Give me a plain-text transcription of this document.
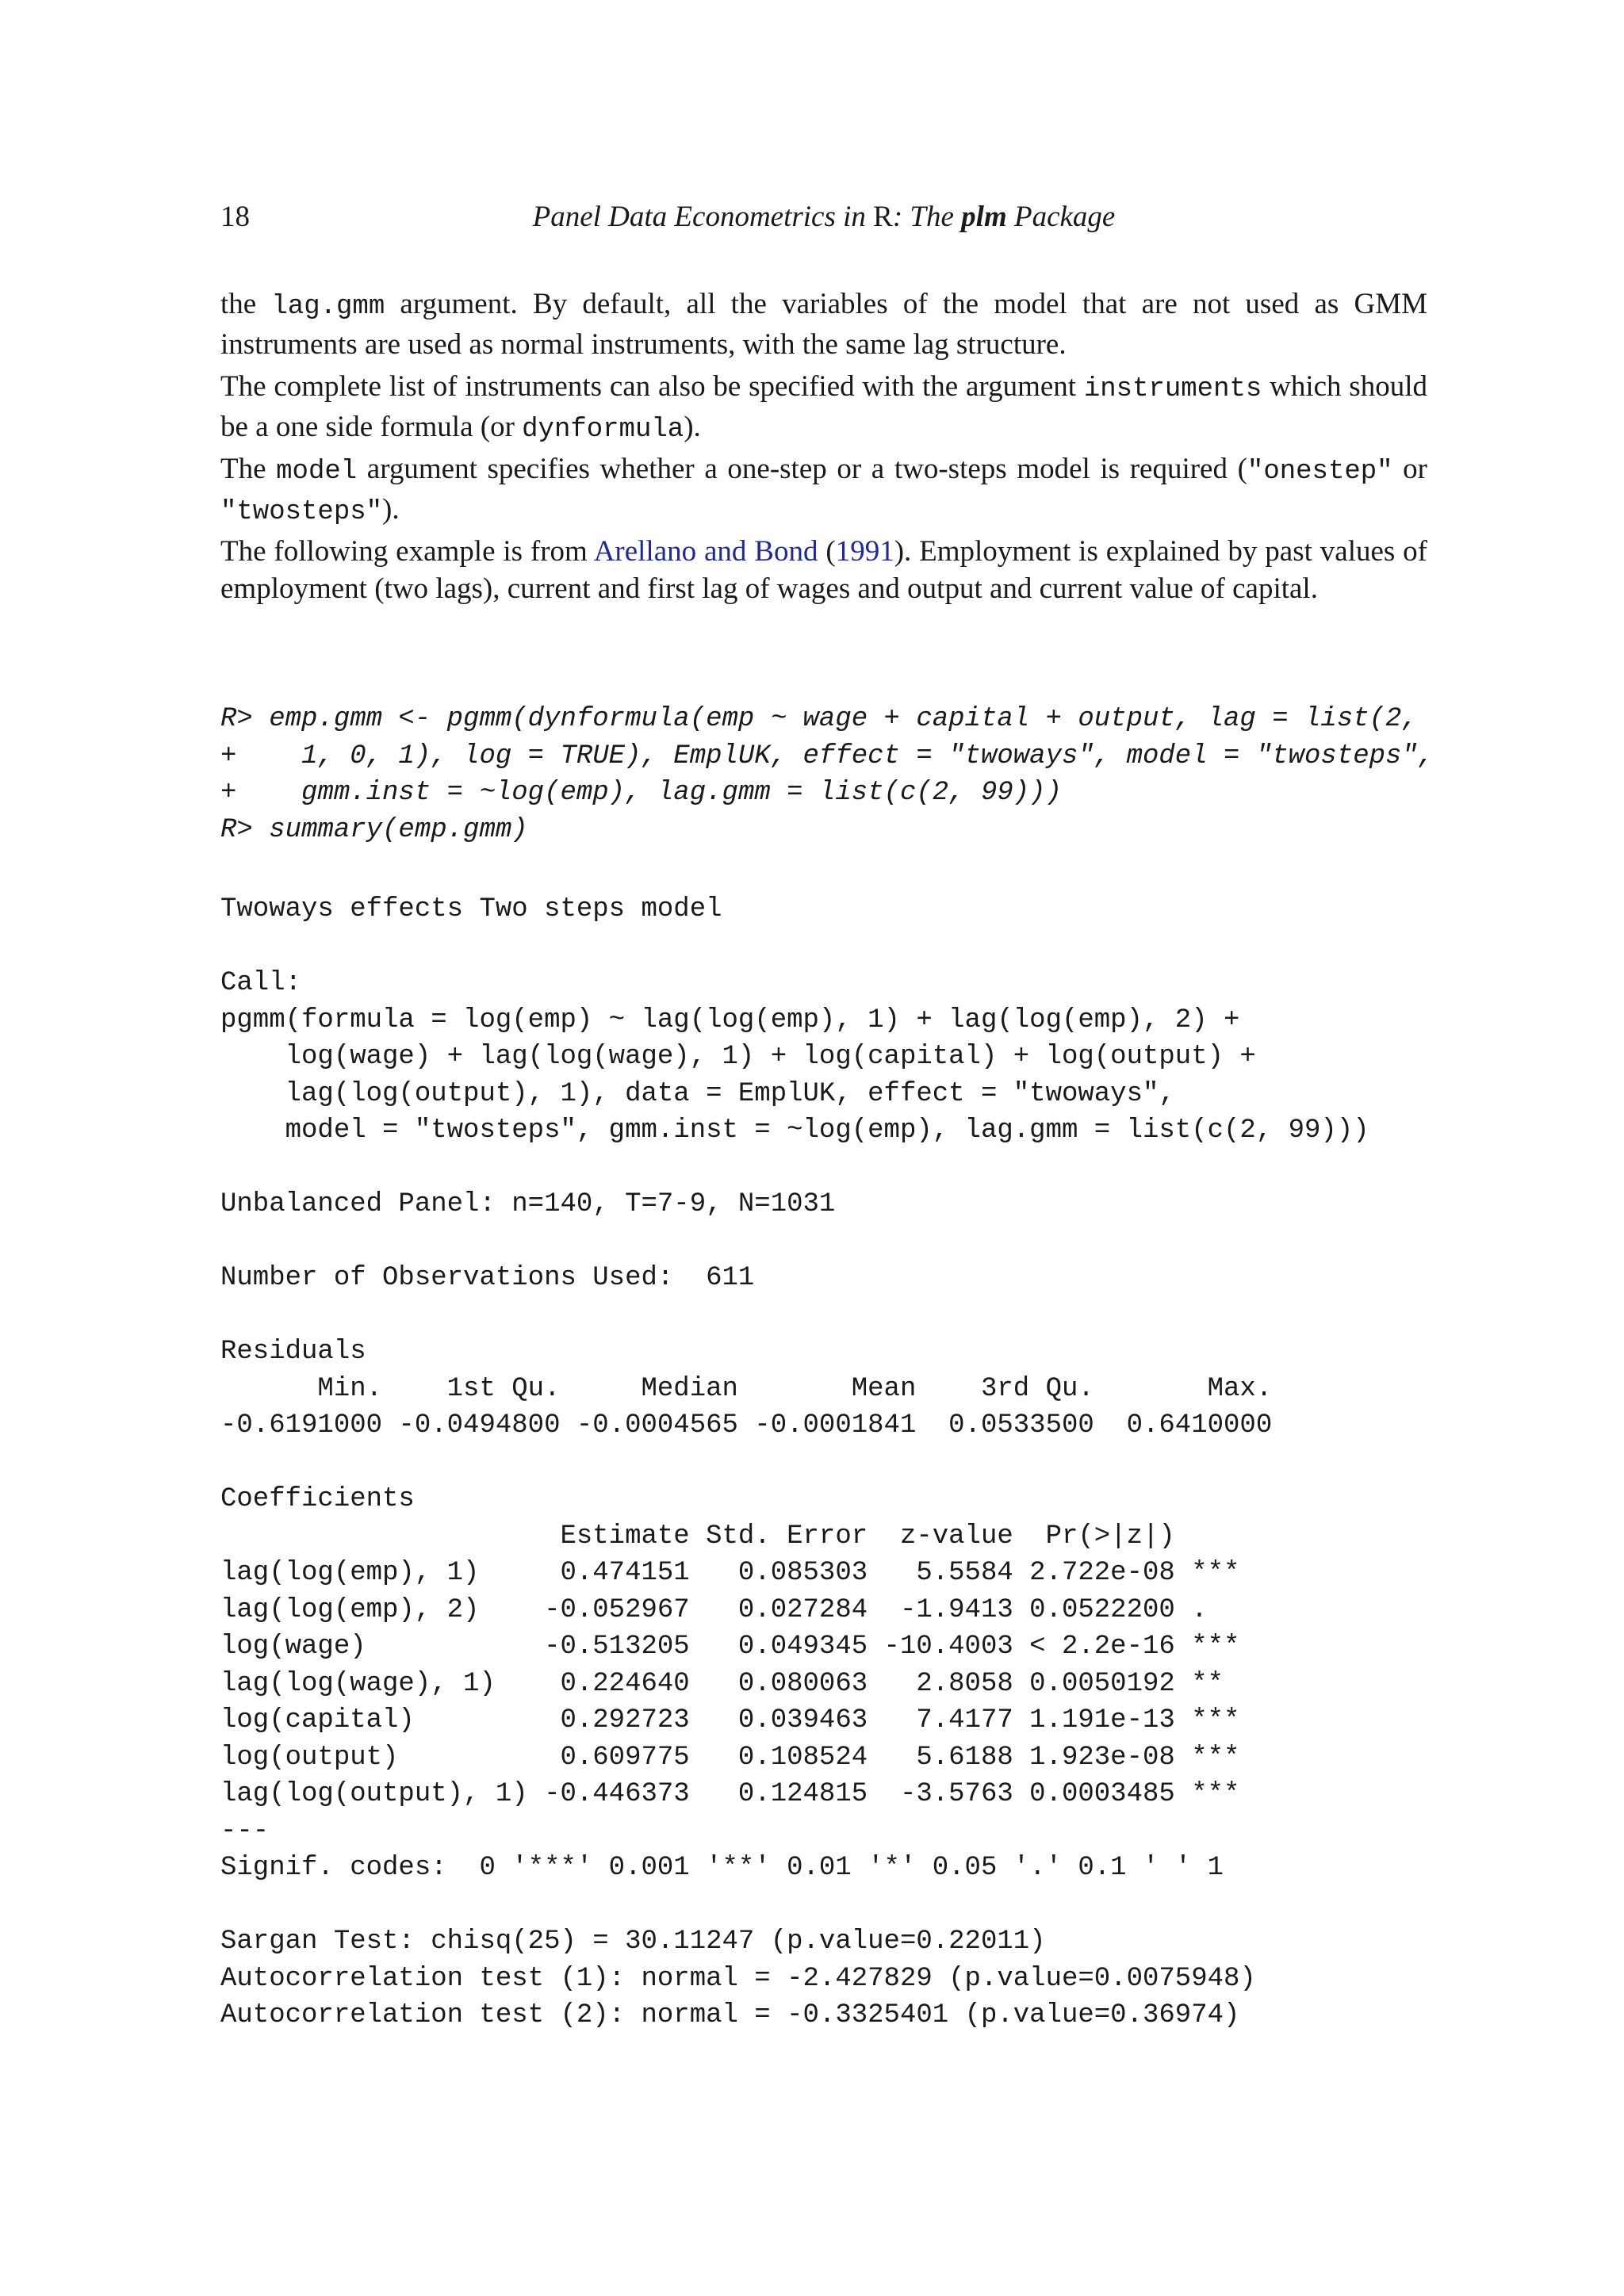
18	Panel Data Econometrics in R: The plm Package

the lag.gmm argument. By default, all the variables of the model that are not used as GMM instruments are used as normal instruments, with the same lag structure.

The complete list of instruments can also be specified with the argument instruments which should be a one side formula (or dynformula).

The model argument specifies whether a one-step or a two-steps model is required ("onestep" or "twosteps").

The following example is from Arellano and Bond (1991). Employment is explained by past values of employment (two lags), current and first lag of wages and output and current value of capital.

R> emp.gmm <- pgmm(dynformula(emp ~ wage + capital + output, lag = list(2,
+    1, 0, 1), log = TRUE), EmplUK, effect = "twoways", model = "twosteps",
+    gmm.inst = ~log(emp), lag.gmm = list(c(2, 99)))
R> summary(emp.gmm)
Twoways effects Two steps model
Call:
pgmm(formula = log(emp) ~ lag(log(emp), 1) + lag(log(emp), 2) +
log(wage) + lag(log(wage), 1) + log(capital) + log(output) +
lag(log(output), 1), data = EmplUK, effect = "twoways",
model = "twosteps", gmm.inst = ~log(emp), lag.gmm = list(c(2, 99)))
Unbalanced Panel: n=140, T=7-9, N=1031
Number of Observations Used:  611
Residuals
Min.    1st Qu.     Median       Mean    3rd Qu.       Max.
-0.6191000 -0.0494800 -0.0004565 -0.0001841  0.0533500  0.6410000
Coefficients
Estimate Std. Error  z-value  Pr(>|z|)
lag(log(emp), 1)     0.474151   0.085303   5.5584 2.722e-08 ***
lag(log(emp), 2)    -0.052967   0.027284  -1.9413 0.0522200 .
log(wage)           -0.513205   0.049345 -10.4003 < 2.2e-16 ***
lag(log(wage), 1)    0.224640   0.080063   2.8058 0.0050192 **
log(capital)         0.292723   0.039463   7.4177 1.191e-13 ***
log(output)          0.609775   0.108524   5.6188 1.923e-08 ***
lag(log(output), 1) -0.446373   0.124815  -3.5763 0.0003485 ***
---
Signif. codes:  0 '***' 0.001 '**' 0.01 '*' 0.05 '.' 0.1 ' ' 1
Sargan Test: chisq(25) = 30.11247 (p.value=0.22011)
Autocorrelation test (1): normal = -2.427829 (p.value=0.0075948)
Autocorrelation test (2): normal = -0.3325401 (p.value=0.36974)
